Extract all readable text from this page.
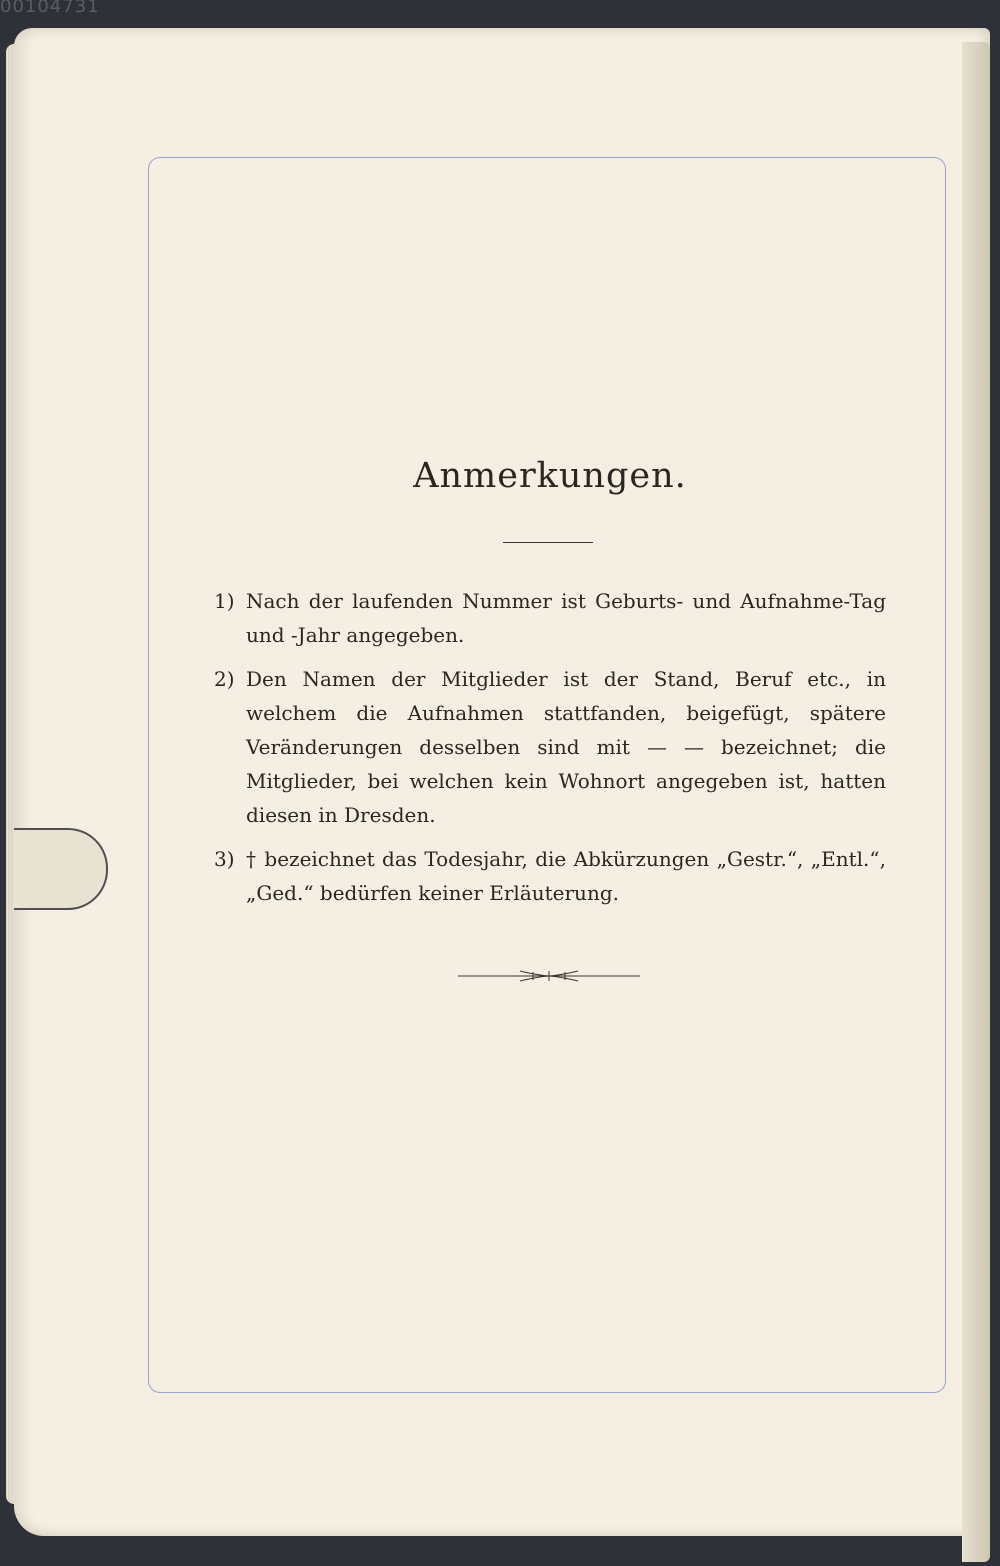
00104731
Anmerkungen.
1) Nach der laufenden Nummer ist Geburts- und Aufnahme-Tag und -Jahr angegeben.
2) Den Namen der Mitglieder ist der Stand, Beruf etc., in welchem die Aufnahmen stattfanden, beigefügt, spätere Veränderungen desselben sind mit — — bezeichnet; die Mitglieder, bei welchen kein Wohnort angegeben ist, hatten diesen in Dresden.
3) † bezeichnet das Todesjahr, die Abkürzungen „Gestr.“, „Entl.“, „Ged.“ bedürfen keiner Erläuterung.
